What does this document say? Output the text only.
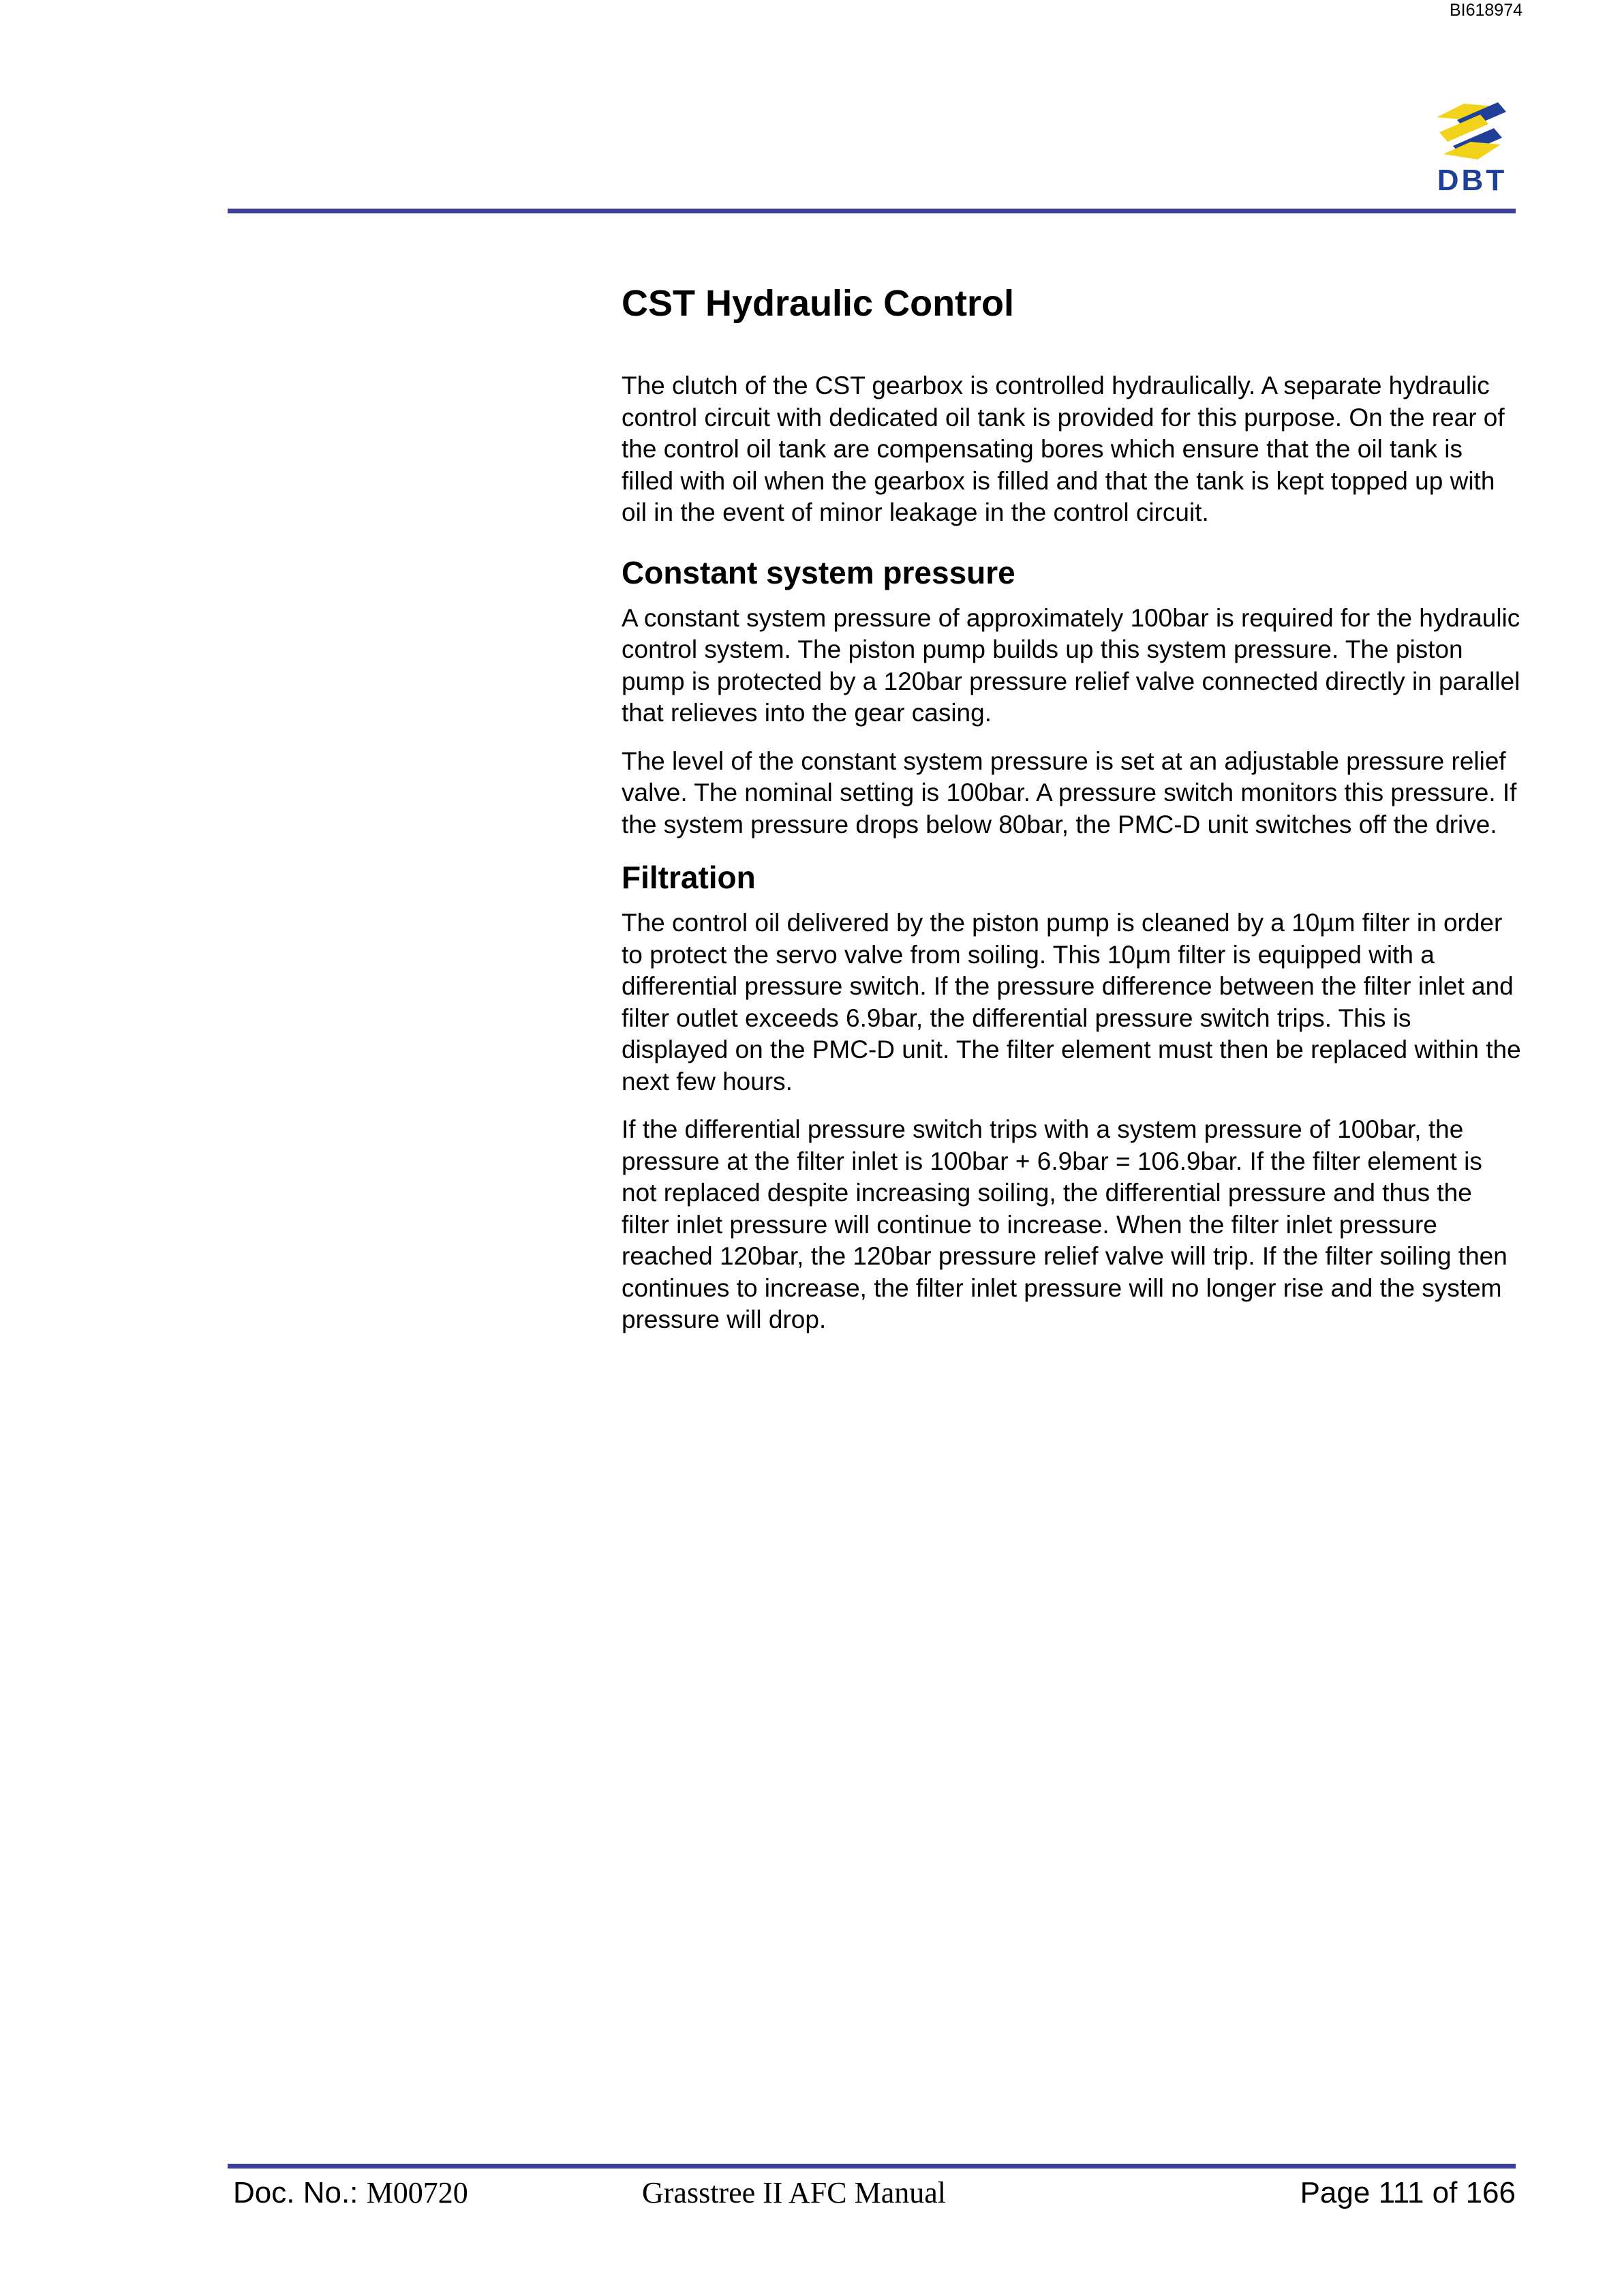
BI618974
DBT
CST Hydraulic Control
The clutch of the CST gearbox is controlled hydraulically. A separate hydraulic control circuit with dedicated oil tank is provided for this purpose. On the rear of the control oil tank are compensating bores which ensure that the oil tank is filled with oil when the gearbox is filled and that the tank is kept topped up with oil in the event of minor leakage in the control circuit.
Constant system pressure
A constant system pressure of approximately 100bar is required for the hydraulic control system. The piston pump builds up this system pressure. The piston pump is protected by a 120bar pressure relief valve connected directly in parallel that relieves into the gear casing.
The level of the constant system pressure is set at an adjustable pressure relief valve. The nominal setting is 100bar. A pressure switch monitors this pressure. If the system pressure drops below 80bar, the PMC-D unit switches off the drive.
Filtration
The control oil delivered by the piston pump is cleaned by a 10µm filter in order to protect the servo valve from soiling. This 10µm filter is equipped with a differential pressure switch. If the pressure difference between the filter inlet and filter outlet exceeds 6.9bar, the differential pressure switch trips. This is displayed on the PMC-D unit. The filter element must then be replaced within the next few hours.
If the differential pressure switch trips with a system pressure of 100bar, the pressure at the filter inlet is 100bar + 6.9bar = 106.9bar. If the filter element is not replaced despite increasing soiling, the differential pressure and thus the filter inlet pressure will continue to increase. When the filter inlet pressure reached 120bar, the 120bar pressure relief valve will trip. If the filter soiling then continues to increase, the filter inlet pressure will no longer rise and the system pressure will drop.
Doc. No.: M00720	Grasstree II AFC Manual	Page 111 of 166
